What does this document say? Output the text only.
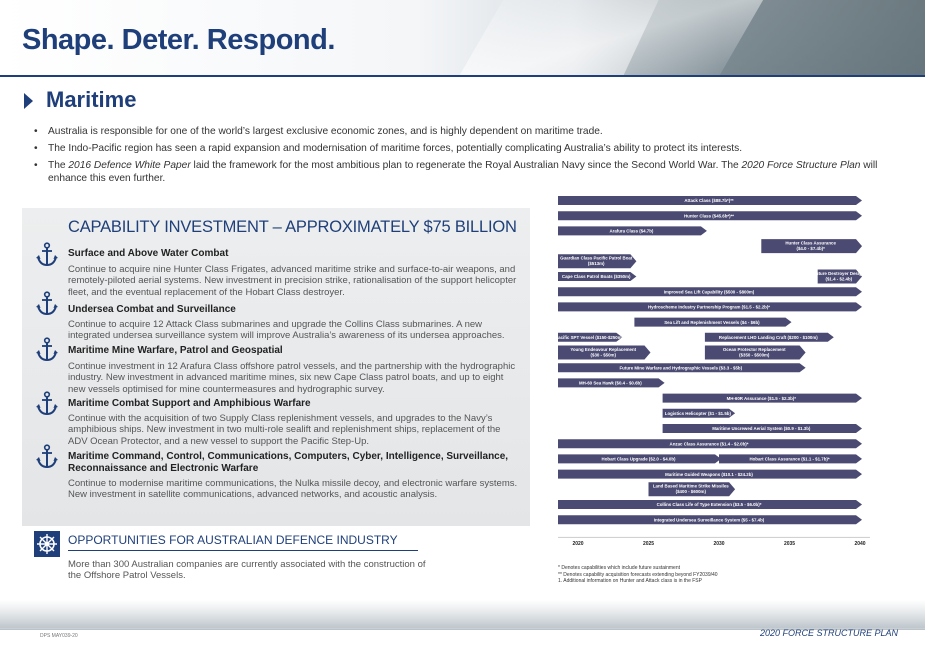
Shape. Deter. Respond.
Maritime
• Australia is responsible for one of the world’s largest exclusive economic zones, and is highly dependent on maritime trade.
• The Indo-Pacific region has seen a rapid expansion and modernisation of maritime forces, potentially complicating Australia’s ability to protect its interests.
• The 2016 Defence White Paper laid the framework for the most ambitious plan to regenerate the Royal Australian Navy since the Second World War. The 2020 Force Structure Plan will enhance this even further.
CAPABILITY INVESTMENT – APPROXIMATELY $75 BILLION
Surface and Above Water Combat
Continue to acquire nine Hunter Class Frigates, advanced maritime strike and surface-to-air weapons, and remotely-piloted aerial systems. New investment in precision strike, rationalisation of the support helicopter fleet, and the eventual replacement of the Hobart Class destroyer.
Undersea Combat and Surveillance
Continue to acquire 12 Attack Class submarines and upgrade the Collins Class submarines. A new integrated undersea surveillance system will improve Australia’s awareness of its undersea approaches.
Maritime Mine Warfare, Patrol and Geospatial
Continue investment in 12 Arafura Class offshore patrol vessels, and the partnership with the hydrographic industry. New investment in advanced maritime mines, six new Cape Class patrol boats, and up to eight new vessels optimised for mine countermeasures and hydrographic survey.
Maritime Combat Support and Amphibious Warfare
Continue with the acquisition of two Supply Class replenishment vessels, and upgrades to the Navy’s amphibious ships. New investment in two multi-role sealift and replenishment ships, replacement of the ADV Ocean Protector, and a new vessel to support the Pacific Step-Up.
Maritime Command, Control, Communications, Computers, Cyber, Intelligence, Surveillance, Reconnaissance and Electronic Warfare
Continue to modernise maritime communications, the Nulka missile decoy, and electronic warfare systems. New investment in satellite communications, advanced networks, and acoustic analysis.
OPPORTUNITIES FOR AUSTRALIAN DEFENCE INDUSTRY
More than 300 Australian companies are currently associated with the construction of the Offshore Patrol Vessels.
Attack Class ($88.7b*)**
Hunter Class ($45.6b*)**
Arafura Class ($4.7b)
Hunter Class Assurance ($4.0 - $7.4b)*
Guardian Class Pacific Patrol Boat ($513m)
Cape Class Patrol Boats ($350m)
Future Destroyer Design ($1.4 - $2.4b)
Improved Sea Lift Capability ($500 - $800m)
Hydroscheme Industry Partnership Program ($1.5 - $2.2b)*
Sea Lift and Replenishment Vessels ($4 - $6b)
Pacific SPT Vessel ($150-$250m)	Replacement LHD Landing Craft ($200 - $100m)
Young Endeavour Replacement ($30 - $50m)
Ocean Protector Replacement ($350 - $500m)
Future Mine Warfare and Hydrographic Vessels ($3.3 - $5b)
MH-60 Sea Hawk ($0.4 - $0.6b)
MH-60R Assurance ($1.5 - $2.3b)*
Logistics Helicopter ($1 - $1.5b)
Maritime Uncrewed Aerial System ($0.9 - $1.3b)
Anzac Class Assurance ($1.4 - $2.0b)*
Hobart Class Upgrade ($2.0 - $4.0b)	Hobart Class Assurance ($1.1 - $1.7b)*
Maritime Guided Weapons ($10.1 - $24.2b)
Land Based Maritime Strike Missiles ($400 - $600m)
Collins Class Life of Type Extension ($3.5 - $6.0b)*
Integrated Undersea Surveillance System ($5 - $7.4b)
2020	2025	2030	2035	2040
* Denotes capabilities which include future sustainment
** Denotes capability acquisition forecasts extending beyond FY2039/40
1. Additional information on Hunter and Attack class is in the FSP
DPS MAY039-20	2020 FORCE STRUCTURE PLAN
